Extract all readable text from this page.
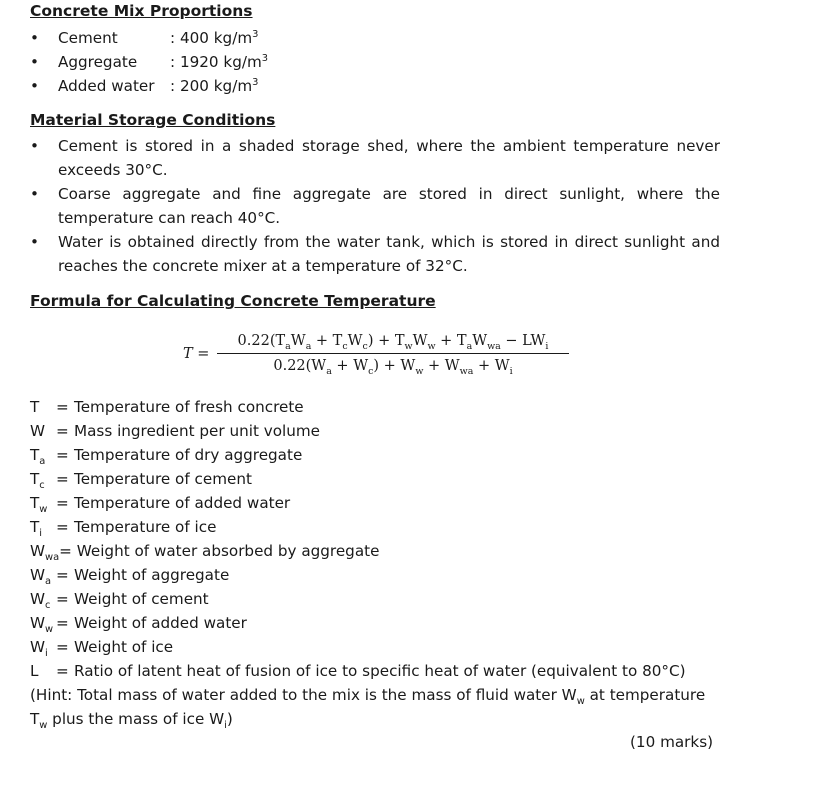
Concrete Mix Proportions
• Cement	: 400 $kg/m^3$
• Aggregate : 1920 $kg/m^3$
• Added water : 200 $kg/m^3$
Material Storage Conditions
• Cement is stored in a shaded storage shed, where the ambient temperature never exceeds 30°C.
• Coarse aggregate and fine aggregate are stored in direct sunlight, where the temperature can reach 40°C.
• Water is obtained directly from the water tank, which is stored in direct sunlight and reaches the concrete mixer at a temperature of 32°C.
Formula for Calculating Concrete Temperature
T =
$0.22(T_aW_a + T_cW_c) + T_wW_w + T_aW_{wa} - LW_i$
$0.22(W_a + W_c) + W_w + W_{wa} + W_i$
T = Temperature of fresh concrete
W = Mass ingredient per unit volume
$T_a$ = Temperature of dry aggregate
$T_c$ = Temperature of cement
$T_w$ = Temperature of added water
$T_i$ = Temperature of ice
$W_{wa}=$ Weight of water absorbed by aggregate
$W_a$ = Weight of aggregate
$W_c$ = Weight of cement
$W_w$ = Weight of added water
$W_i$ = Weight of ice
L = Ratio of latent heat of fusion of ice to specific heat of water (equivalent to 80°C)
(Hint: Total mass of water added to the mix is the mass of fluid water $W_w$ at temperature $T_w$ plus the mass of ice $W_i$)
(10 marks)
